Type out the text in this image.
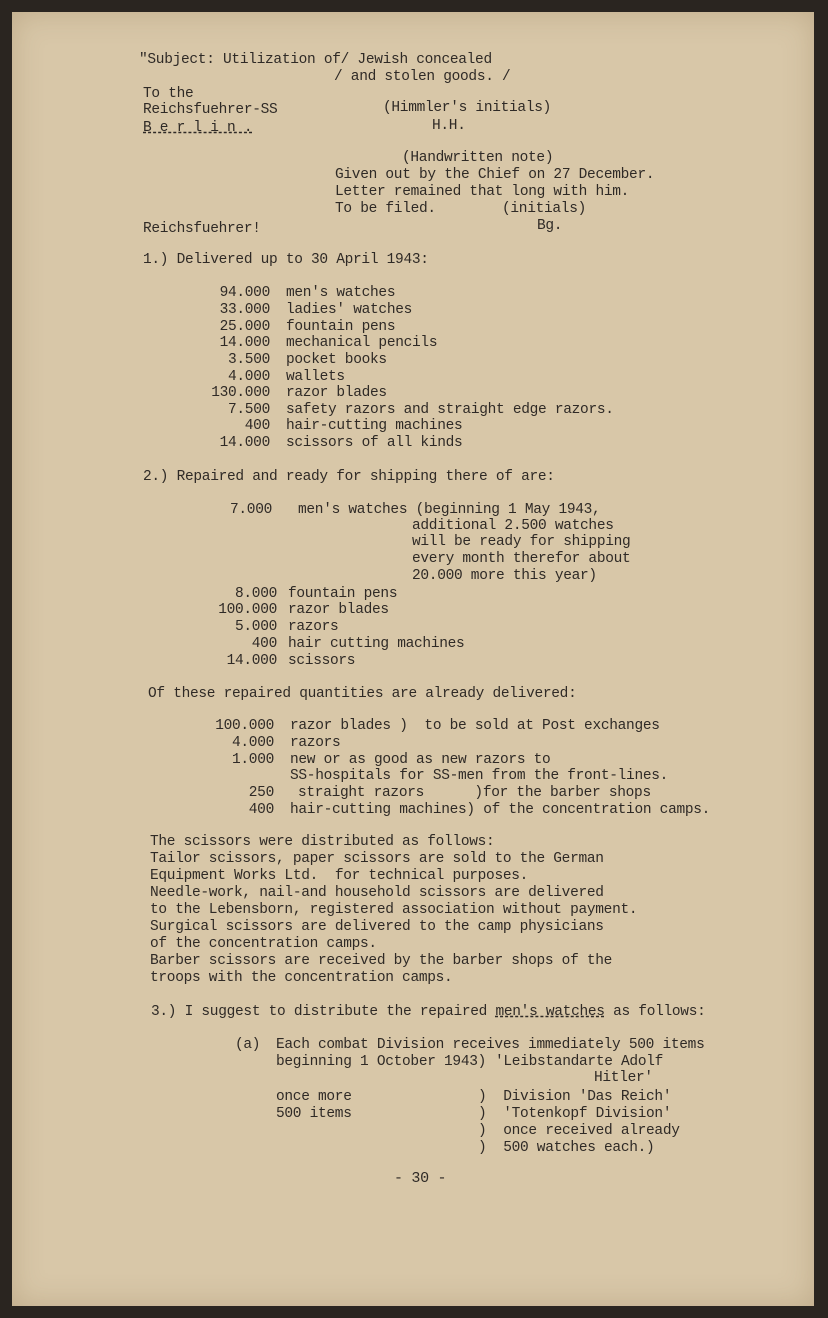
"Subject: Utilization of/ Jewish concealed
/ and stolen goods. /
To the
Reichsfuehrer-SS
B e r l i n .
(Himmler's initials)
H.H.
(Handwritten note)
Given out by the Chief on 27 December.
Letter remained that long with him.
To be filed.	(initials)
Bg.
Reichsfuehrer!
1.) Delivered up to 30 April 1943:
94.000 men's watches
33.000 ladies' watches
25.000 fountain pens
14.000 mechanical pencils
3.500 pocket books
4.000 wallets
130.000 razor blades
7.500 safety razors and straight edge razors.
400 hair-cutting machines
14.000 scissors of all kinds
2.) Repaired and ready for shipping there of are:
7.000 men's watches (beginning 1 May 1943,
additional 2.500 watches
will be ready for shipping
every month therefor about
20.000 more this year)
8.000 fountain pens
100.000 razor blades
5.000 razors
400 hair cutting machines
14.000 scissors
Of these repaired quantities are already delivered:
100.000 razor blades )  to be sold at Post exchanges
4.000 razors
1.000 new or as good as new razors to
SS-hospitals for SS-men from the front-lines.
250 straight razors      )for the barber shops
400 hair-cutting machines) of the concentration camps.
The scissors were distributed as follows:
Tailor scissors, paper scissors are sold to the German
Equipment Works Ltd.  for technical purposes.
Needle-work, nail-and household scissors are delivered
to the Lebensborn, registered association without payment.
Surgical scissors are delivered to the camp physicians
of the concentration camps.
Barber scissors are received by the barber shops of the
troops with the concentration camps.
3.) I suggest to distribute the repaired men's watches as follows:
(a) Each combat Division receives immediately 500 items
beginning 1 October 1943) 'Leibstandarte Adolf
Hitler'
once more
500 items
)  Division 'Das Reich'
)  'Totenkopf Division'
)  once received already
)  500 watches each.)
- 30 -
